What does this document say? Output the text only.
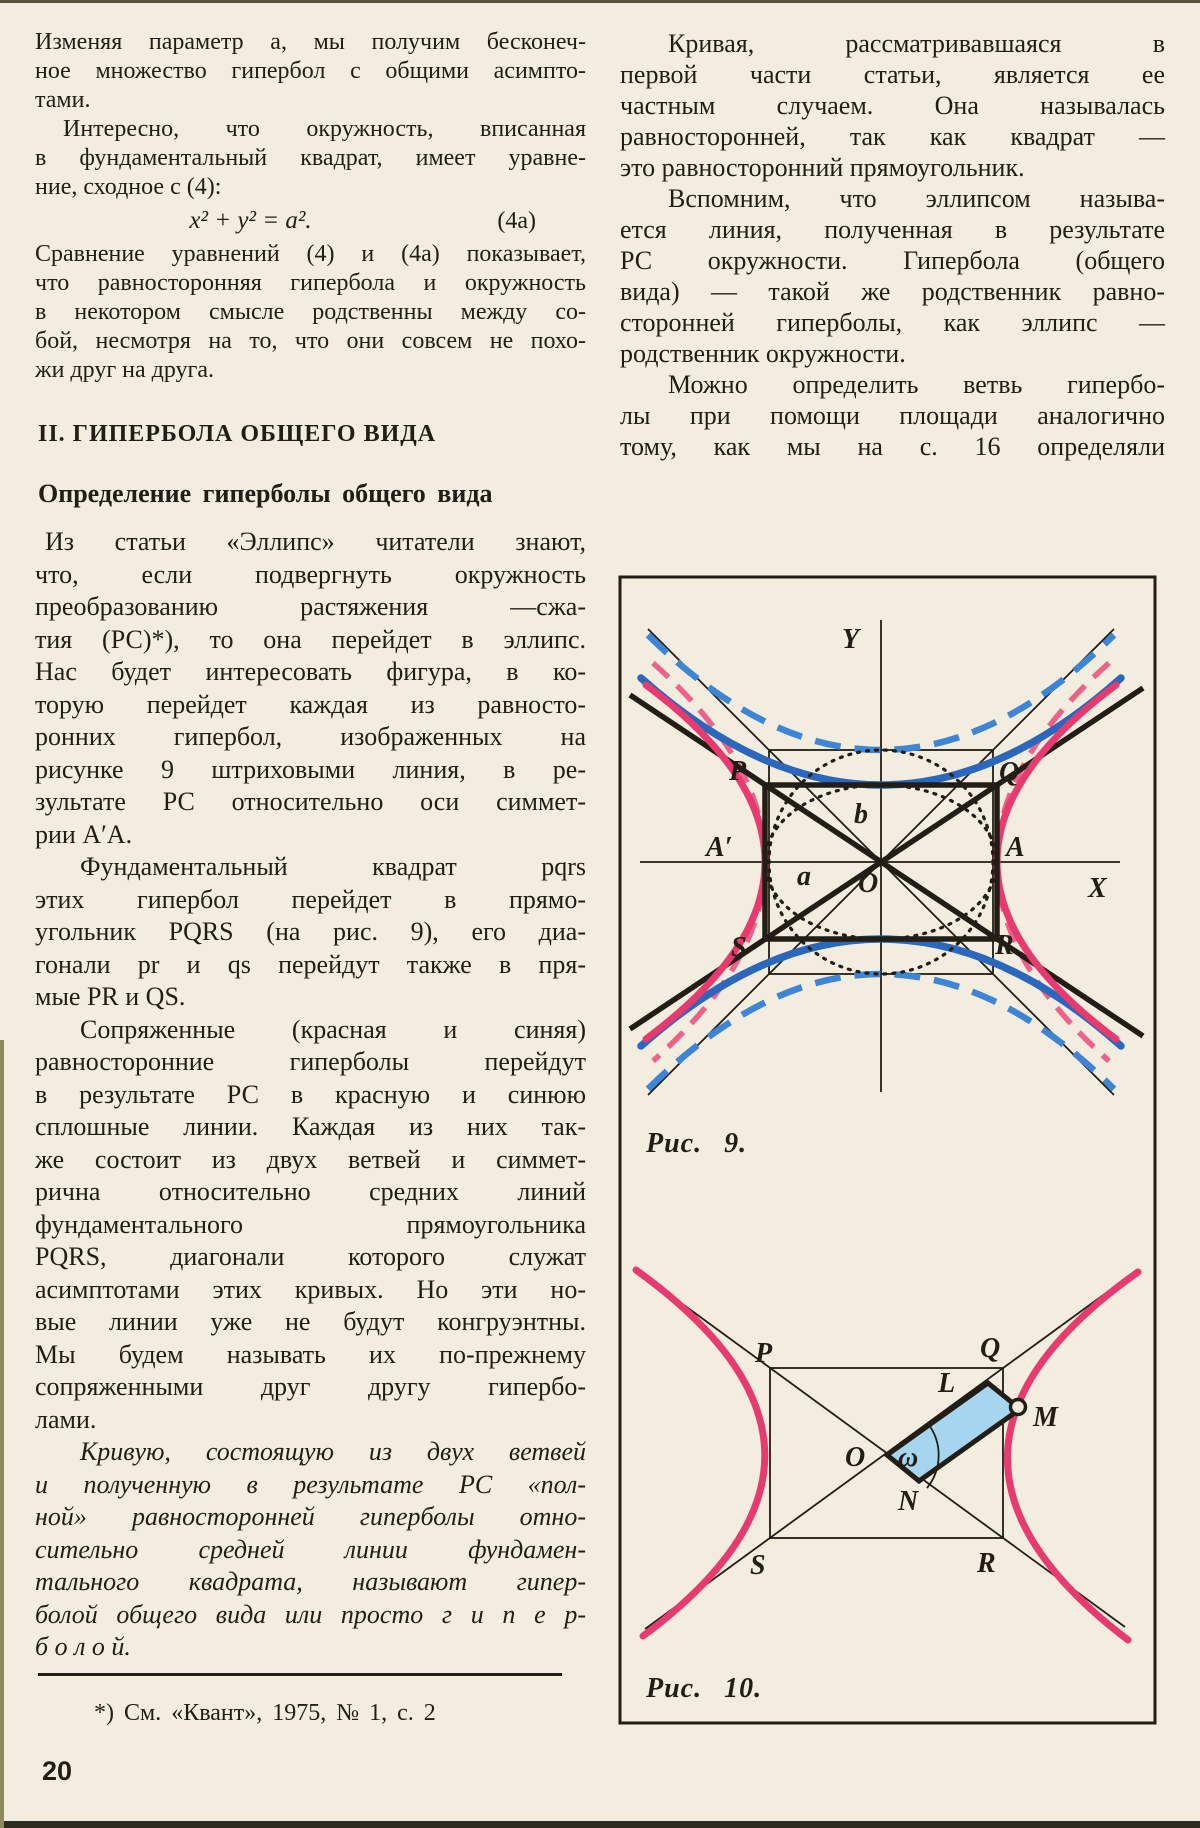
Изменяя параметр a, мы получим бесконеч-
ное множество гипербол с общими асимпто-
тами.
Интересно, что окружность, вписанная
в фундаментальный квадрат, имеет уравне-
ние, сходное с (4):
x² + y² = a².	(4а)
Сравнение уравнений (4) и (4а) показывает,
что равносторонняя гипербола и окружность
в некотором смысле родственны между со-
бой, несмотря на то, что они совсем не похо-
жи друг на друга.
II. ГИПЕРБОЛА ОБЩЕГО ВИДА
Определение гиперболы общего вида
Из статьи «Эллипс» читатели знают,
что, если подвергнуть окружность
преобразованию растяжения —сжа-
тия (РС)*), то она перейдет в эллипс.
Нас будет интересовать фигура, в ко-
торую перейдет каждая из равносто-
ронних гипербол, изображенных на
рисунке 9 штриховыми линия, в ре-
зультате РС относительно оси симмет-
рии A′A.
Фундаментальный квадрат pqrs
этих гипербол перейдет в прямо-
угольник PQRS (на рис. 9), его диа-
гонали pr и qs перейдут также в пря-
мые PR и QS.
Сопряженные (красная и синяя)
равносторонние гиперболы перейдут
в результате РС в красную и синюю
сплошные линии. Каждая из них так-
же состоит из двух ветвей и симмет-
рична относительно средних линий
фундаментального прямоугольника
PQRS, диагонали которого служат
асимптотами этих кривых. Но эти но-
вые линии уже не будут конгруэнтны.
Мы будем называть их по-прежнему
сопряженными друг другу гипербо-
лами.
Кривую, состоящую из двух ветвей
и полученную в результате РС «пол-
ной» равносторонней гиперболы отно-
сительно средней линии фундамен-
тального квадрата, называют гипер-
болой общего вида или просто г и п е р-
б о л о й.
*) См. «Квант», 1975, № 1, с. 2
20
Кривая, рассматривавшаяся в
первой части статьи, является ее
частным случаем. Она называлась
равносторонней, так как квадрат —
это равносторонний прямоугольник.
Вспомним, что эллипсом называ-
ется линия, полученная в результате
РС окружности. Гипербола (общего
вида) — такой же родственник равно-
сторонней гиперболы, как эллипс —
родственник окружности.
Можно определить ветвь гипербо-
лы при помощи площади аналогично
тому, как мы на с. 16 определяли
Y
X
P	Q
A′	A
b
a O
S	R
Рис. 9.
P	Q
L
M
O
N
S	R
ω
Рис. 10.
